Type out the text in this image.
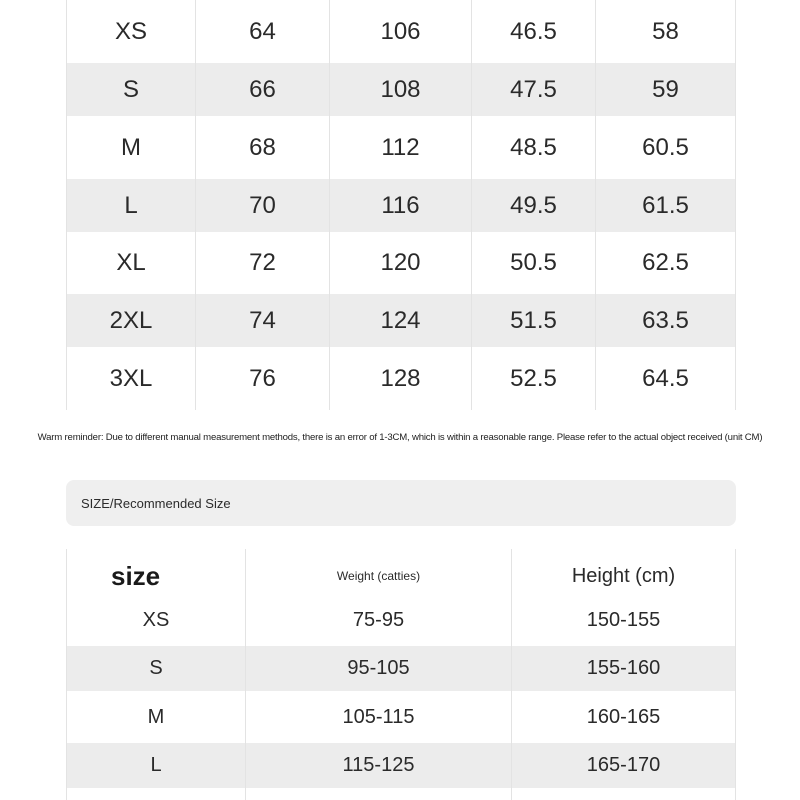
XS	64	106	46.5	58
S	66	108	47.5	59
M	68	112	48.5	60.5
L	70	116	49.5	61.5
XL	72	120	50.5	62.5
2XL	74	124	51.5	63.5
3XL	76	128	52.5	64.5
Warm reminder: Due to different manual measurement methods, there is an error of 1-3CM, which is within a reasonable range. Please refer to the actual object received (unit CM)
SIZE/Recommended Size
size	Weight (catties)	Height (cm)
XS	75-95	150-155
S	95-105	155-160
M	105-115	160-165
L	115-125	165-170
